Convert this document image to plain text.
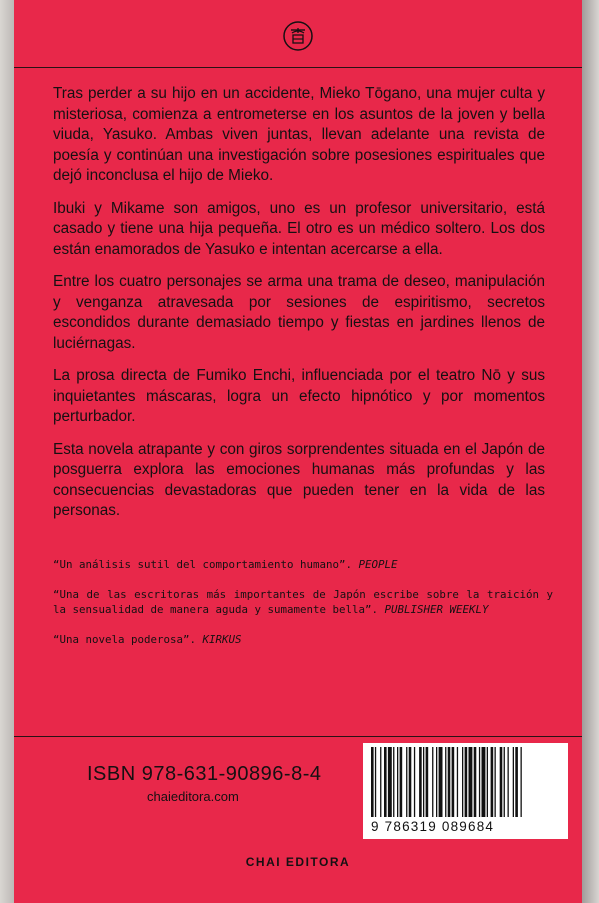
Tras perder a su hijo en un accidente, Mieko Tōgano, una mujer culta y misteriosa, comienza a entrometerse en los asuntos de la joven y bella viuda, Yasuko. Ambas viven juntas, llevan adelante una revista de poesía y continúan una investigación sobre posesiones espirituales que dejó inconclusa el hijo de Mieko.

Ibuki y Mikame son amigos, uno es un profesor universitario, está casado y tiene una hija pequeña. El otro es un médico soltero. Los dos están enamorados de Yasuko e intentan acercarse a ella.

Entre los cuatro personajes se arma una trama de deseo, manipulación y venganza atravesada por sesiones de espiritismo, secretos escondidos durante demasiado tiempo y fiestas en jardines llenos de luciérnagas.

La prosa directa de Fumiko Enchi, influenciada por el teatro Nō y sus inquietantes máscaras, logra un efecto hipnótico y por momentos perturbador.

Esta novela atrapante y con giros sorprendentes situada en el Japón de posguerra explora las emociones humanas más profundas y las consecuencias devastadoras que pueden tener en la vida de las personas.

“Un análisis sutil del comportamiento humano”. PEOPLE
“Una de las escritoras más importantes de Japón escribe sobre la traición y la sensualidad de manera aguda y sumamente bella”. PUBLISHER WEEKLY
“Una novela poderosa”. KIRKUS
ISBN 978-631-90896-8-4
chaieditora.com
9 786319 089684
CHAI EDITORA
